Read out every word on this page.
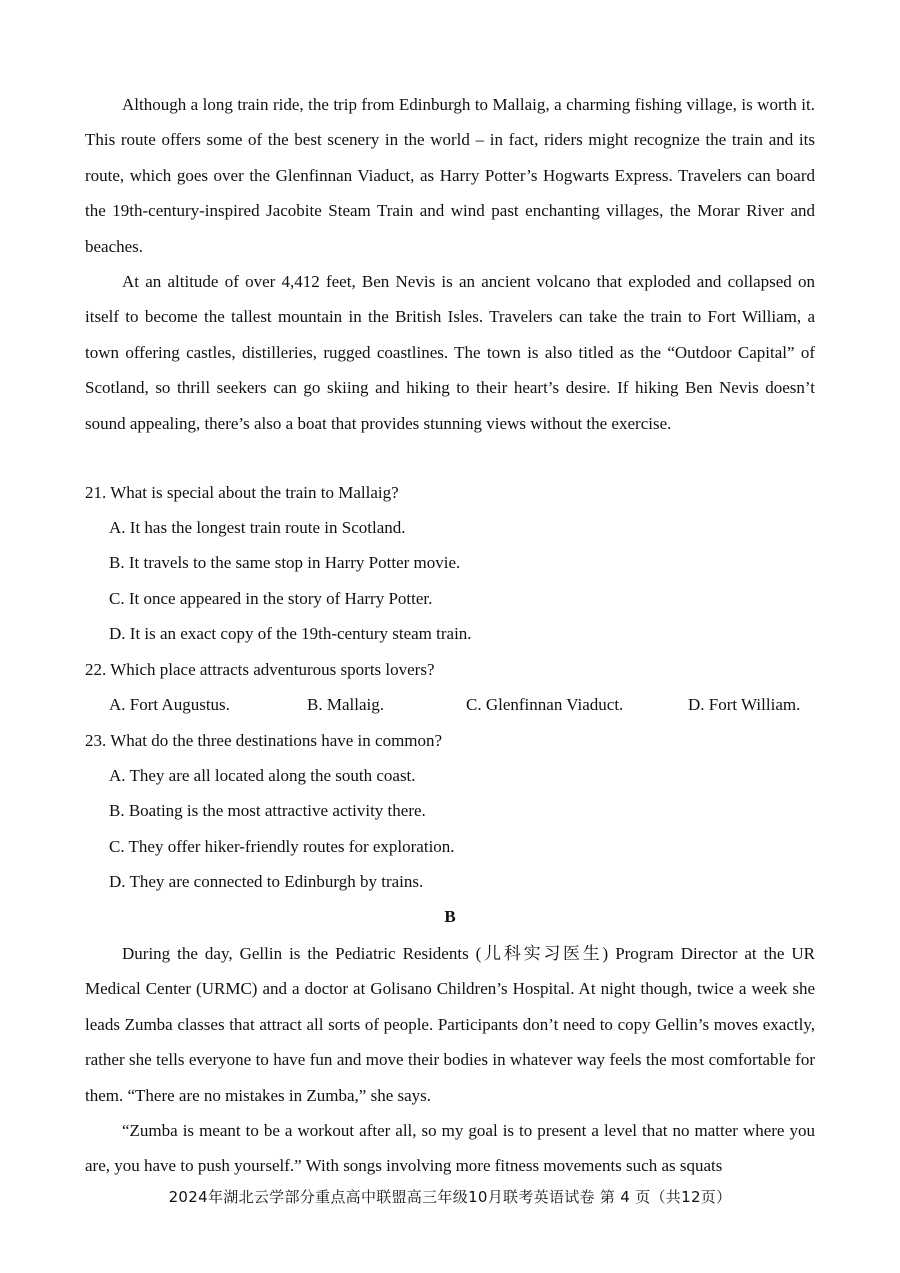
Although a long train ride, the trip from Edinburgh to Mallaig, a charming fishing village, is worth it. This route offers some of the best scenery in the world – in fact, riders might recognize the train and its route, which goes over the Glenfinnan Viaduct, as Harry Potter’s Hogwarts Express. Travelers can board the 19th-century-inspired Jacobite Steam Train and wind past enchanting villages, the Morar River and beaches.
At an altitude of over 4,412 feet, Ben Nevis is an ancient volcano that exploded and collapsed on itself to become the tallest mountain in the British Isles. Travelers can take the train to Fort William, a town offering castles, distilleries, rugged coastlines. The town is also titled as the “Outdoor Capital” of Scotland, so thrill seekers can go skiing and hiking to their heart’s desire. If hiking Ben Nevis doesn’t sound appealing, there’s also a boat that provides stunning views without the exercise.
21. What is special about the train to Mallaig?
A. It has the longest train route in Scotland.
B. It travels to the same stop in Harry Potter movie.
C. It once appeared in the story of Harry Potter.
D. It is an exact copy of the 19th-century steam train.
22. Which place attracts adventurous sports lovers?
A. Fort Augustus.	B. Mallaig.	C. Glenfinnan Viaduct.	D. Fort William.
23. What do the three destinations have in common?
A. They are all located along the south coast.
B. Boating is the most attractive activity there.
C. They offer hiker-friendly routes for exploration.
D. They are connected to Edinburgh by trains.
B
During the day, Gellin is the Pediatric Residents (儿科实习医生) Program Director at the UR Medical Center (URMC) and a doctor at Golisano Children’s Hospital. At night though, twice a week she leads Zumba classes that attract all sorts of people. Participants don’t need to copy Gellin’s moves exactly, rather she tells everyone to have fun and move their bodies in whatever way feels the most comfortable for them. “There are no mistakes in Zumba,” she says.
“Zumba is meant to be a workout after all, so my goal is to present a level that no matter where you are, you have to push yourself.” With songs involving more fitness movements such as squats
2024年湖北云学部分重点高中联盟高三年级10月联考英语试卷 第 4 页（共12页）
